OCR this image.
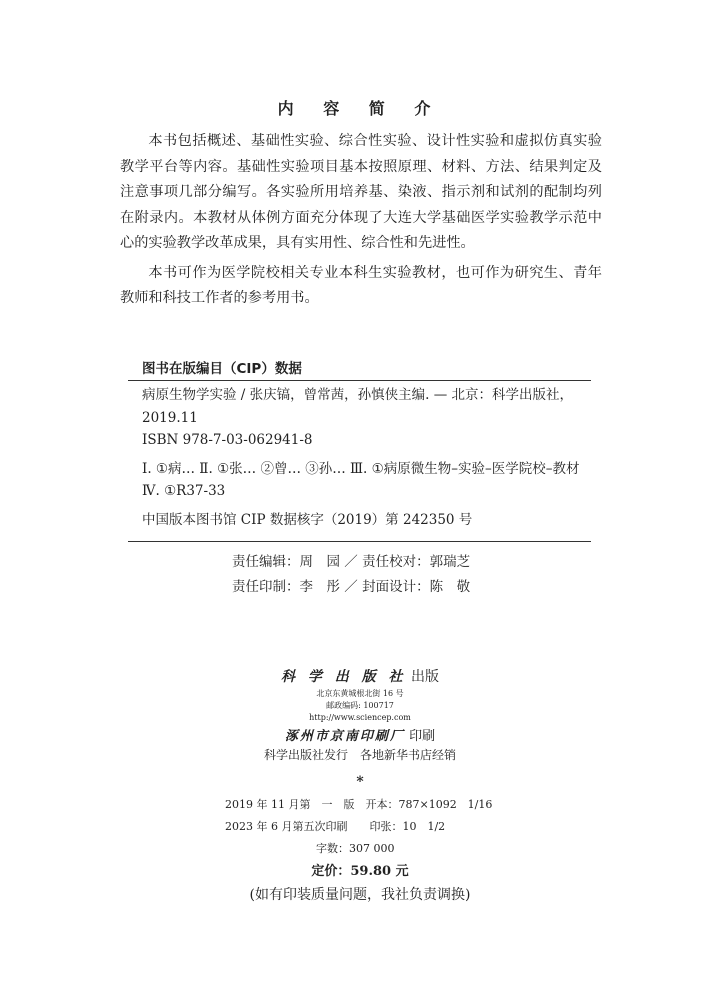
内 容 简 介

本书包括概述、基础性实验、综合性实验、设计性实验和虚拟仿真实验教学平台等内容。基础性实验项目基本按照原理、材料、方法、结果判定及注意事项几部分编写。各实验所用培养基、染液、指示剂和试剂的配制均列在附录内。本教材从体例方面充分体现了大连大学基础医学实验教学示范中心的实验教学改革成果，具有实用性、综合性和先进性。

本书可作为医学院校相关专业本科生实验教材，也可作为研究生、青年教师和科技工作者的参考用书。

图书在版编目（CIP）数据
病原生物学实验 / 张庆镐，曾常茜，孙慎侠主编. — 北京：科学出版社，2019.11
ISBN 978-7-03-062941-8
Ⅰ. ①病… Ⅱ. ①张… ②曾… ③孙… Ⅲ. ①病原微生物–实验–医学院校–教材 Ⅳ. ①R37-33
中国版本图书馆 CIP 数据核字（2019）第 242350 号
责任编辑：周　园 ／ 责任校对：郭瑞芝
责任印制：李　彤 ／ 封面设计：陈　敬
科 学 出 版 社 出版
北京东黄城根北街 16 号
邮政编码: 100717
http://www.sciencep.com
涿州市京南印刷厂 印刷
科学出版社发行　各地新华书店经销
*
2019 年 11 月第　一　版　开本：787×1092　1/16
2023 年 6 月第五次印刷　　印张：10　1/2
字数：307 000
定价：59.80 元
(如有印装质量问题，我社负责调换)
